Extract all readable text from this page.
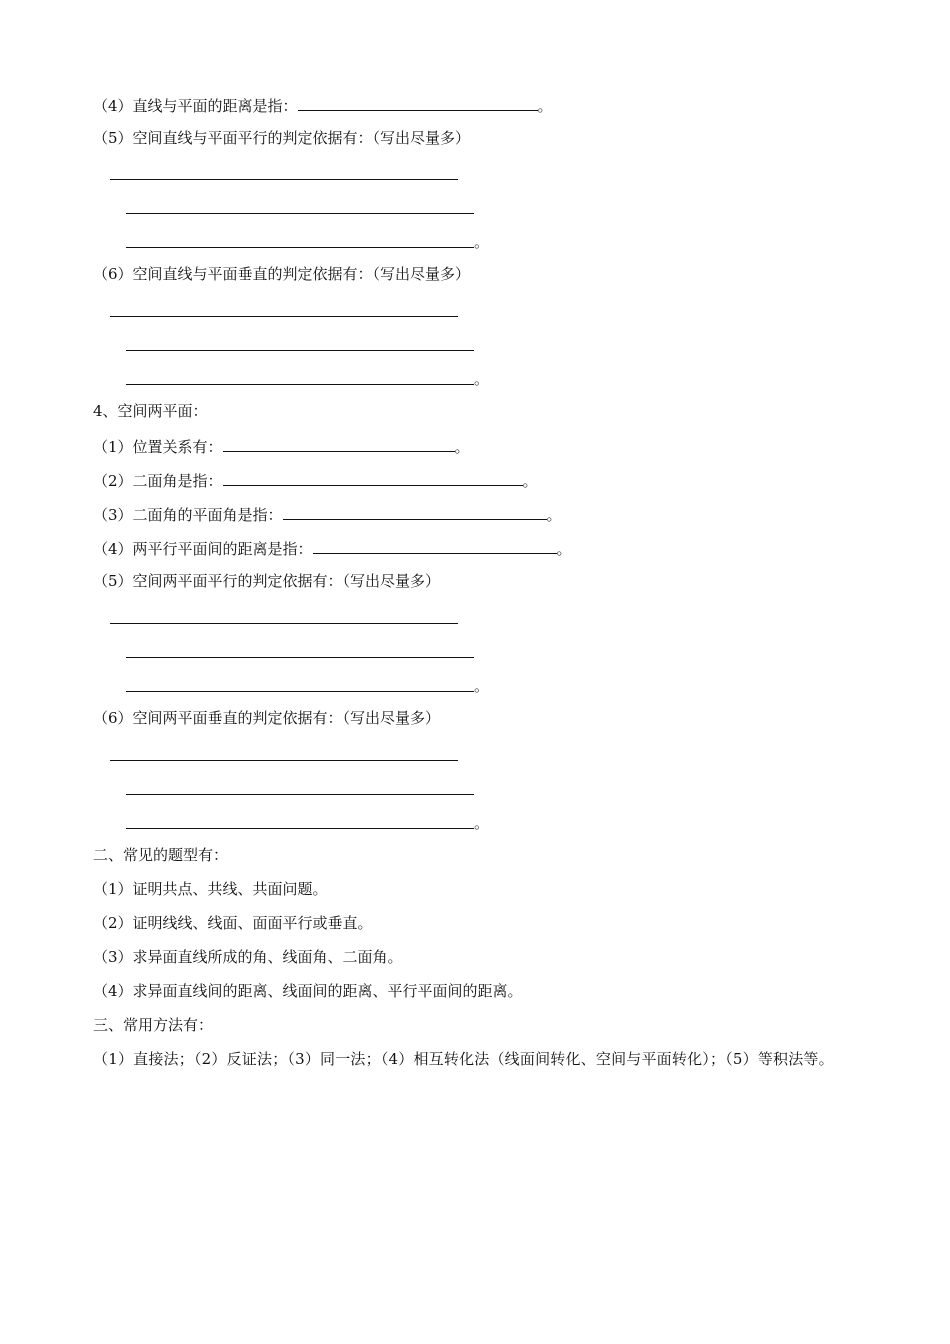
（4）直线与平面的距离是指：	。
（5）空间直线与平面平行的判定依据有：（写出尽量多）
。
（6）空间直线与平面垂直的判定依据有：（写出尽量多）
。
4、空间两平面：
（1）位置关系有：	。
（2）二面角是指：	。
（3）二面角的平面角是指：	。
（4）两平行平面间的距离是指：	。
（5）空间两平面平行的判定依据有：（写出尽量多）
。
（6）空间两平面垂直的判定依据有：（写出尽量多）
。
二、常见的题型有：
（1）证明共点、共线、共面问题。
（2）证明线线、线面、面面平行或垂直。
（3）求异面直线所成的角、线面角、二面角。
（4）求异面直线间的距离、线面间的距离、平行平面间的距离。
三、常用方法有：
（1）直接法；（2）反证法；（3）同一法；（4）相互转化法（线面间转化、空间与平面转化）；（5）等积法等。
